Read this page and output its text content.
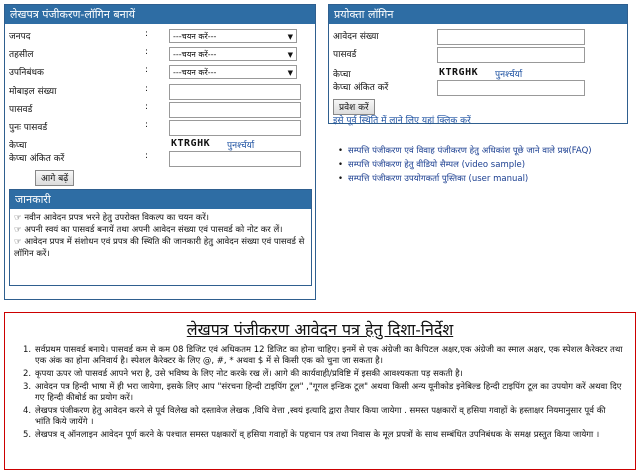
लेखपत्र पंजीकरण-लॉगिन बनायें
जनपद	:	---चयन करें---	▼
तहसील	:	---चयन करें---	▼
उपनिबंधक	:	---चयन करें---	▼
मोबाइल संख्या	:
पासवर्ड	:
पुनः पासवर्ड	:
केप्चा	KTRGHK पुनर्श्चर्या
केप्चा अंकित करें	:
आगे बढ़ें
जानकारी
☞ नवीन आवेदन प्रपत्र भरने हेतु उपरोक्त विकल्प का चयन करें।
☞ अपनी स्वयं का पासवर्ड बनायें तथा अपनी आवेदन संख्या एवं पासवर्ड को नोट कर लें।
☞ आवेदन प्रपत्र में संशोधन एवं प्रपत्र की स्थिति की जानकारी हेतु आवेदन संख्या एवं पासवर्ड से लॉगिन करें।
प्रयोक्ता लॉगिन
आवेदन संख्या
पासवर्ड
केप्चा	KTRGHK पुनर्श्चर्या
केप्चा अंकित करें
प्रवेश करें
इसे पूर्व स्थिति में लाने लिए यहां क्लिक करें
• सम्पत्ति पंजीकरण एवं विवाह पंजीकरण हेतु अधिकांश पूछे जाने वाले प्रश्न(FAQ)
• सम्पत्ति पंजीकरण हेतु वीडियो सैम्पल (video sample)
• सम्पत्ति पंजीकरण उपयोगकर्ता पुस्तिका (user manual)
लेखपत्र पंजीकरण आवेदन पत्र हेतु दिशा-निर्देश
1. सर्वप्रथम पासवर्ड बनाये। पासवर्ड कम से कम 08 डिजिट एवं अधिकतम 12 डिजिट का होना चाहिए। इनमें से एक अंग्रेजी का कैपिटल अक्षर,एक अंग्रेजी का स्माल अक्षर, एक स्पेशल कैरेक्टर तथा एक अंक का होना अनिवार्य है। स्पेशल कैरेक्टर के लिए @, #, * अथवा $ में से किसी एक को चुना जा सकता है।
2. कृपया ऊपर जो पासवर्ड आपने भरा है, उसे भविष्य के लिए नोट करके रख लें। आगे की कार्यवाही/प्रविष्टि में इसकी आवश्यकता पड़ सकती है।
3. आवेदन पत्र हिन्दी भाषा में ही भरा जायेगा, इसके लिए आप "संरचना हिन्दी टाइपिंग टूल" ,"गूगल इन्डिक टूल" अथवा किसी अन्य यूनीकोड इनेबिल्ड हिन्दी टाइपिंग टूल का उपयोग करें अथवा दिए गए हिन्दी कीबोर्ड का प्रयोग करें।
4. लेखपत्र पंजीकरण हेतु आवेदन करने से पूर्व विलेख को दस्तावेज लेखक ,विधि वेत्ता ,स्वयं इत्यादि द्वारा तैयार किया जायेगा . समस्त पक्षकारों व् हसिया गवाहों के हस्ताक्षर नियमानुसार पूर्व की भांति किये जायेंगे ।
5. लेखपत्र व् ऑनलाइन आवेदन पूर्ण करने के पश्चात समस्त पक्षकारों व् हसिया गवाहों के पहचान पत्र तथा निवास के मूल प्रपत्रों के साथ सम्बंधित उपनिबंधक के समक्ष प्रस्तुत किया जायेगा ।
